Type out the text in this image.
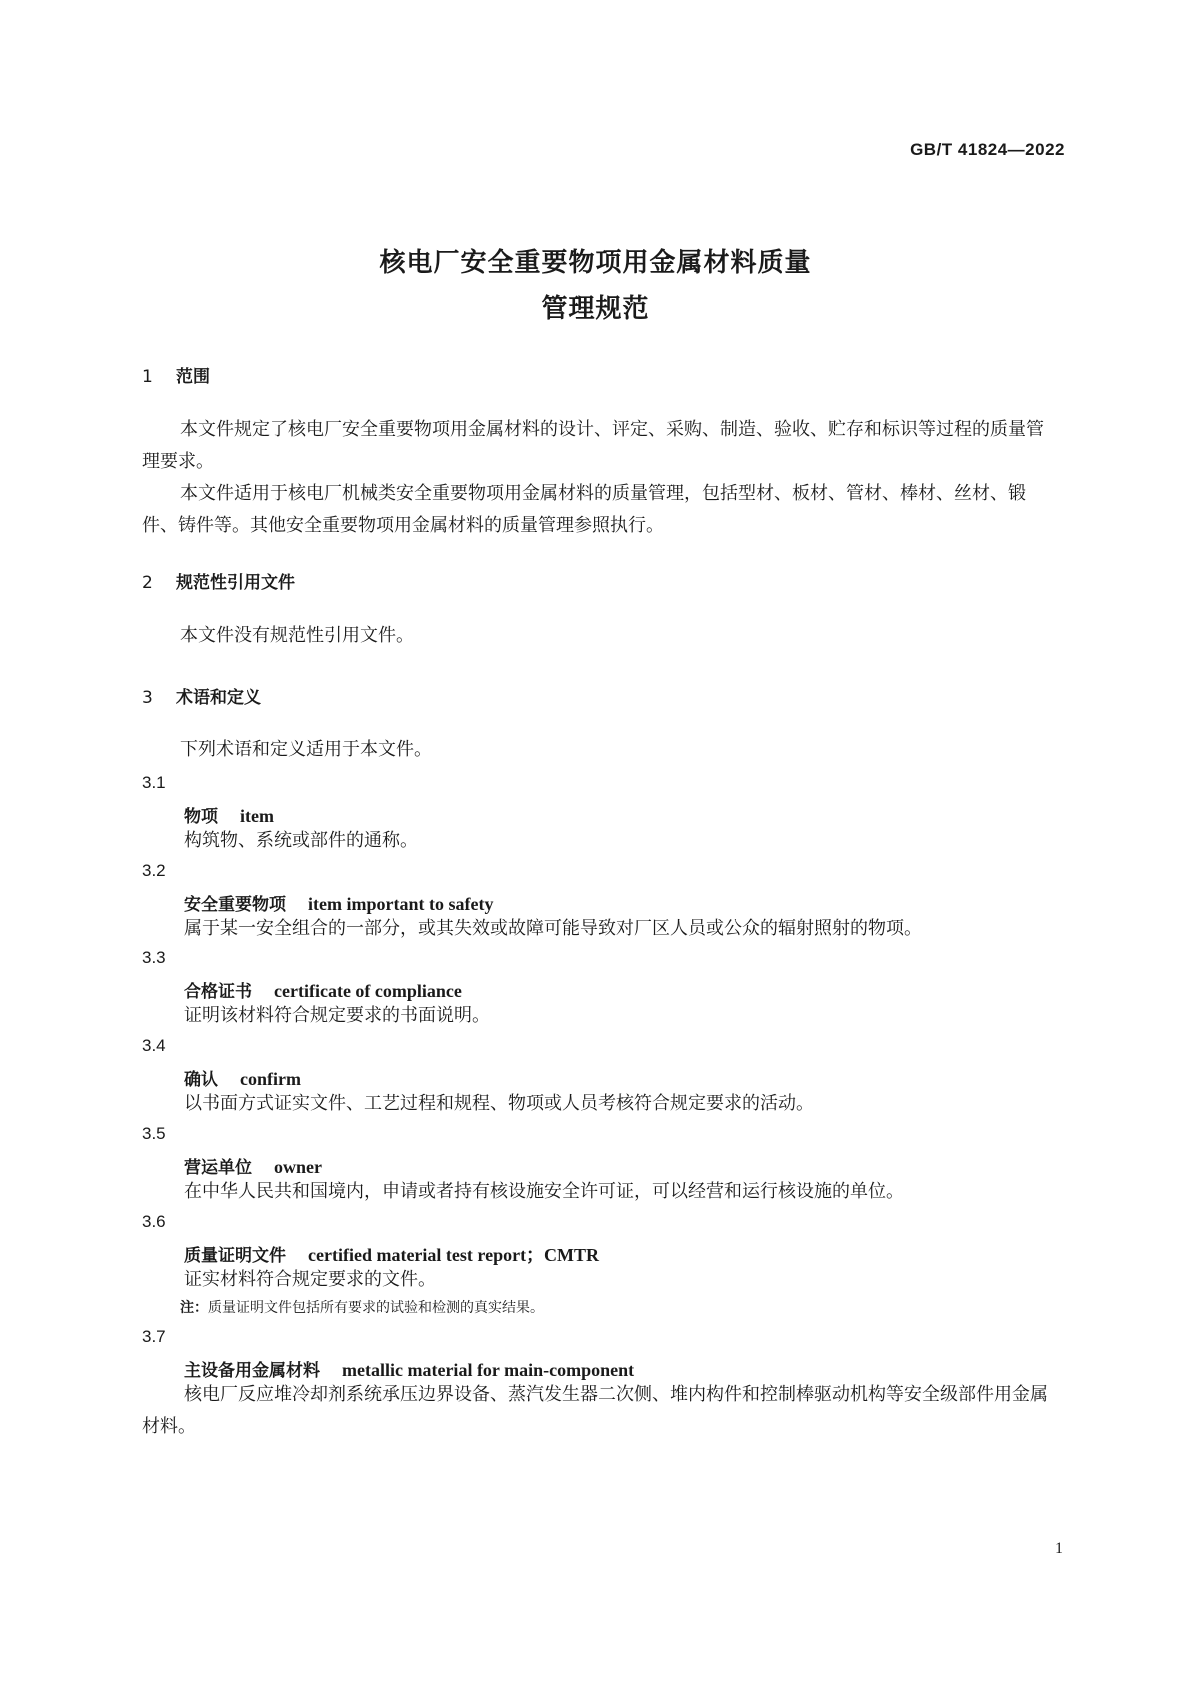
GB/T 41824—2022
核电厂安全重要物项用金属材料质量
管理规范
1 范围
本文件规定了核电厂安全重要物项用金属材料的设计、评定、采购、制造、验收、贮存和标识等过程的质量管理要求。
本文件适用于核电厂机械类安全重要物项用金属材料的质量管理，包括型材、板材、管材、棒材、丝材、锻件、铸件等。其他安全重要物项用金属材料的质量管理参照执行。
2 规范性引用文件
本文件没有规范性引用文件。
3 术语和定义
下列术语和定义适用于本文件。
3.1
物项 item
构筑物、系统或部件的通称。
3.2
安全重要物项 item important to safety
属于某一安全组合的一部分，或其失效或故障可能导致对厂区人员或公众的辐射照射的物项。
3.3
合格证书 certificate of compliance
证明该材料符合规定要求的书面说明。
3.4
确认 confirm
以书面方式证实文件、工艺过程和规程、物项或人员考核符合规定要求的活动。
3.5
营运单位 owner
在中华人民共和国境内，申请或者持有核设施安全许可证，可以经营和运行核设施的单位。
3.6
质量证明文件 certified material test report；CMTR
证实材料符合规定要求的文件。
注：质量证明文件包括所有要求的试验和检测的真实结果。
3.7
主设备用金属材料 metallic material for main-component
核电厂反应堆冷却剂系统承压边界设备、蒸汽发生器二次侧、堆内构件和控制棒驱动机构等安全级部件用金属材料。
1
